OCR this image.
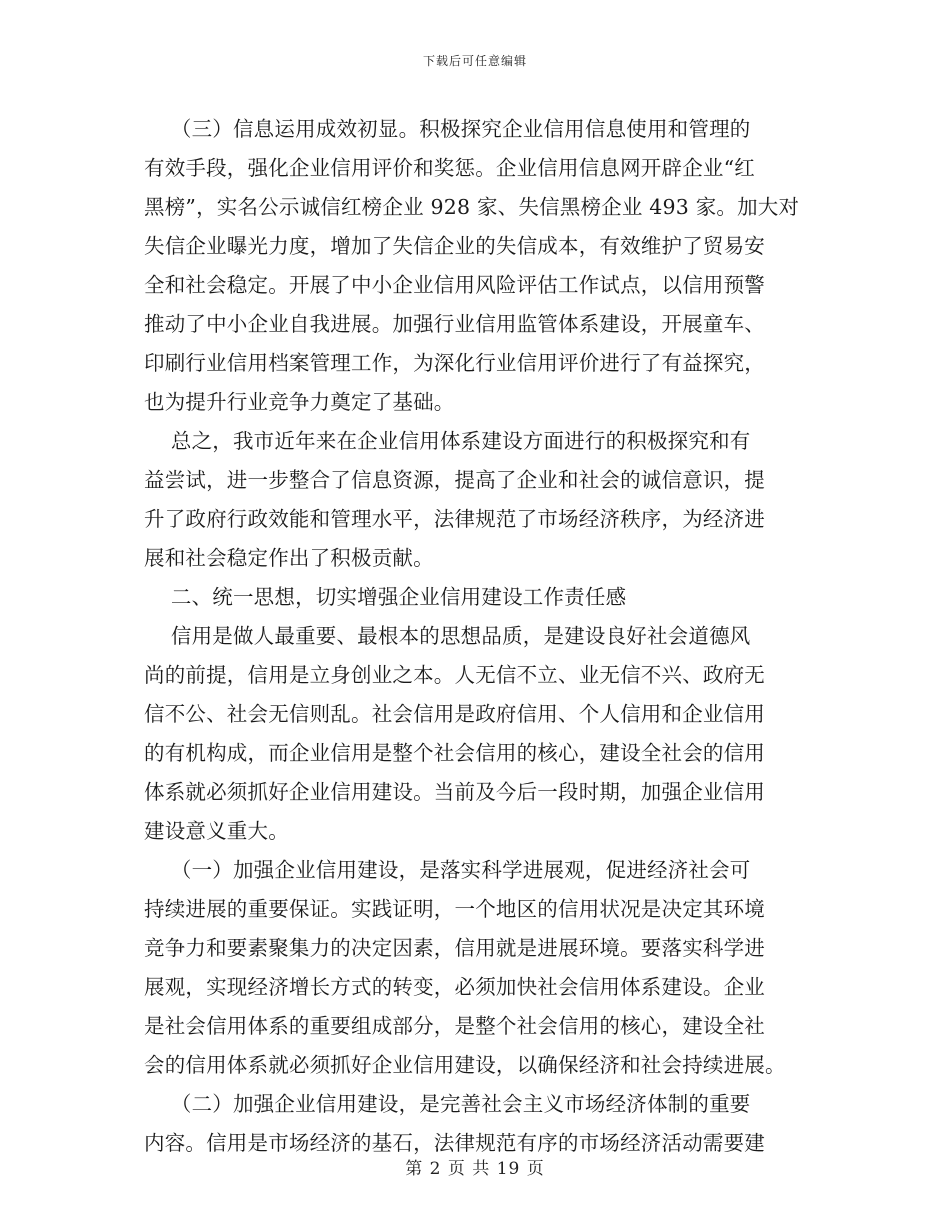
下载后可任意编辑
（三）信息运用成效初显。积极探究企业信用信息使用和管理的
有效手段，强化企业信用评价和奖惩。企业信用信息网开辟企业“红
黑榜”，实名公示诚信红榜企业 928 家、失信黑榜企业 493 家。加大对
失信企业曝光力度，增加了失信企业的失信成本，有效维护了贸易安
全和社会稳定。开展了中小企业信用风险评估工作试点，以信用预警
推动了中小企业自我进展。加强行业信用监管体系建设，开展童车、
印刷行业信用档案管理工作，为深化行业信用评价进行了有益探究，
也为提升行业竞争力奠定了基础。
总之，我市近年来在企业信用体系建设方面进行的积极探究和有
益尝试，进一步整合了信息资源，提高了企业和社会的诚信意识，提
升了政府行政效能和管理水平，法律规范了市场经济秩序，为经济进
展和社会稳定作出了积极贡献。
二、统一思想，切实增强企业信用建设工作责任感
信用是做人最重要、最根本的思想品质，是建设良好社会道德风
尚的前提，信用是立身创业之本。人无信不立、业无信不兴、政府无
信不公、社会无信则乱。社会信用是政府信用、个人信用和企业信用
的有机构成，而企业信用是整个社会信用的核心，建设全社会的信用
体系就必须抓好企业信用建设。当前及今后一段时期，加强企业信用
建设意义重大。
（一）加强企业信用建设，是落实科学进展观，促进经济社会可
持续进展的重要保证。实践证明，一个地区的信用状况是决定其环境
竞争力和要素聚集力的决定因素，信用就是进展环境。要落实科学进
展观，实现经济增长方式的转变，必须加快社会信用体系建设。企业
是社会信用体系的重要组成部分，是整个社会信用的核心，建设全社
会的信用体系就必须抓好企业信用建设，以确保经济和社会持续进展。
（二）加强企业信用建设，是完善社会主义市场经济体制的重要
内容。信用是市场经济的基石，法律规范有序的市场经济活动需要建
第 2 页 共 19 页
